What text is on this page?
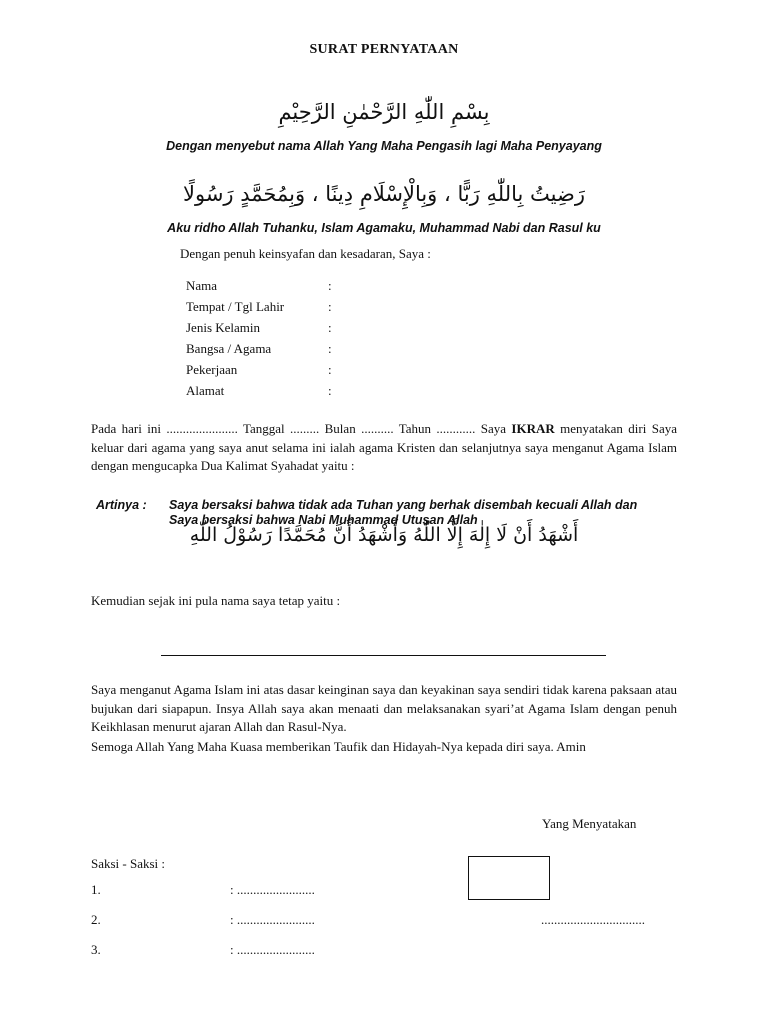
SURAT PERNYATAAN
بِسْمِ اللّٰهِ الرَّحْمٰنِ الرَّحِيْمِ
Dengan menyebut nama Allah Yang Maha Pengasih lagi Maha Penyayang
رَضِيتُ بِاللّٰهِ رَبًّا ، وَبِالْإِسْلَامِ دِينًا ، وَبِمُحَمَّدٍ رَسُولًا
Aku ridho Allah Tuhanku, Islam Agamaku, Muhammad Nabi dan Rasul ku
Dengan penuh keinsyafan dan kesadaran, Saya :
Nama	:
Tempat / Tgl Lahir	:
Jenis Kelamin	:
Bangsa / Agama	:
Pekerjaan	:
Alamat	:
Pada hari ini ...................... Tanggal ......... Bulan .......... Tahun ............ Saya IKRAR menyatakan diri Saya keluar dari agama yang saya anut selama ini ialah agama Kristen dan selanjutnya saya menganut Agama Islam dengan mengucapka Dua Kalimat Syahadat yaitu :
Artinya : Saya bersaksi bahwa tidak ada Tuhan yang berhak disembah kecuali Allah dan
Saya bersaksi bahwa Nabi Muhammad Utusan Allah
أَشْهَدُ أَنْ لَا إِلٰهَ إِلَّا اللّٰهُ وَأَشْهَدُ أَنَّ مُحَمَّدًا رَسُوْلُ اللّٰهِ
Kemudian sejak ini pula nama saya tetap yaitu :
Saya menganut Agama Islam ini atas dasar keinginan saya dan keyakinan saya sendiri tidak karena paksaan atau bujukan dari siapapun. Insya Allah saya akan menaati dan melaksanakan syari’at Agama Islam dengan penuh Keikhlasan menurut ajaran Allah dan Rasul-Nya.
Semoga Allah Yang Maha Kuasa memberikan Taufik dan Hidayah-Nya kepada diri saya. Amin
Yang Menyatakan
Saksi - Saksi :
1.	: ........................
2.	: ........................
3.	: ........................
................................
